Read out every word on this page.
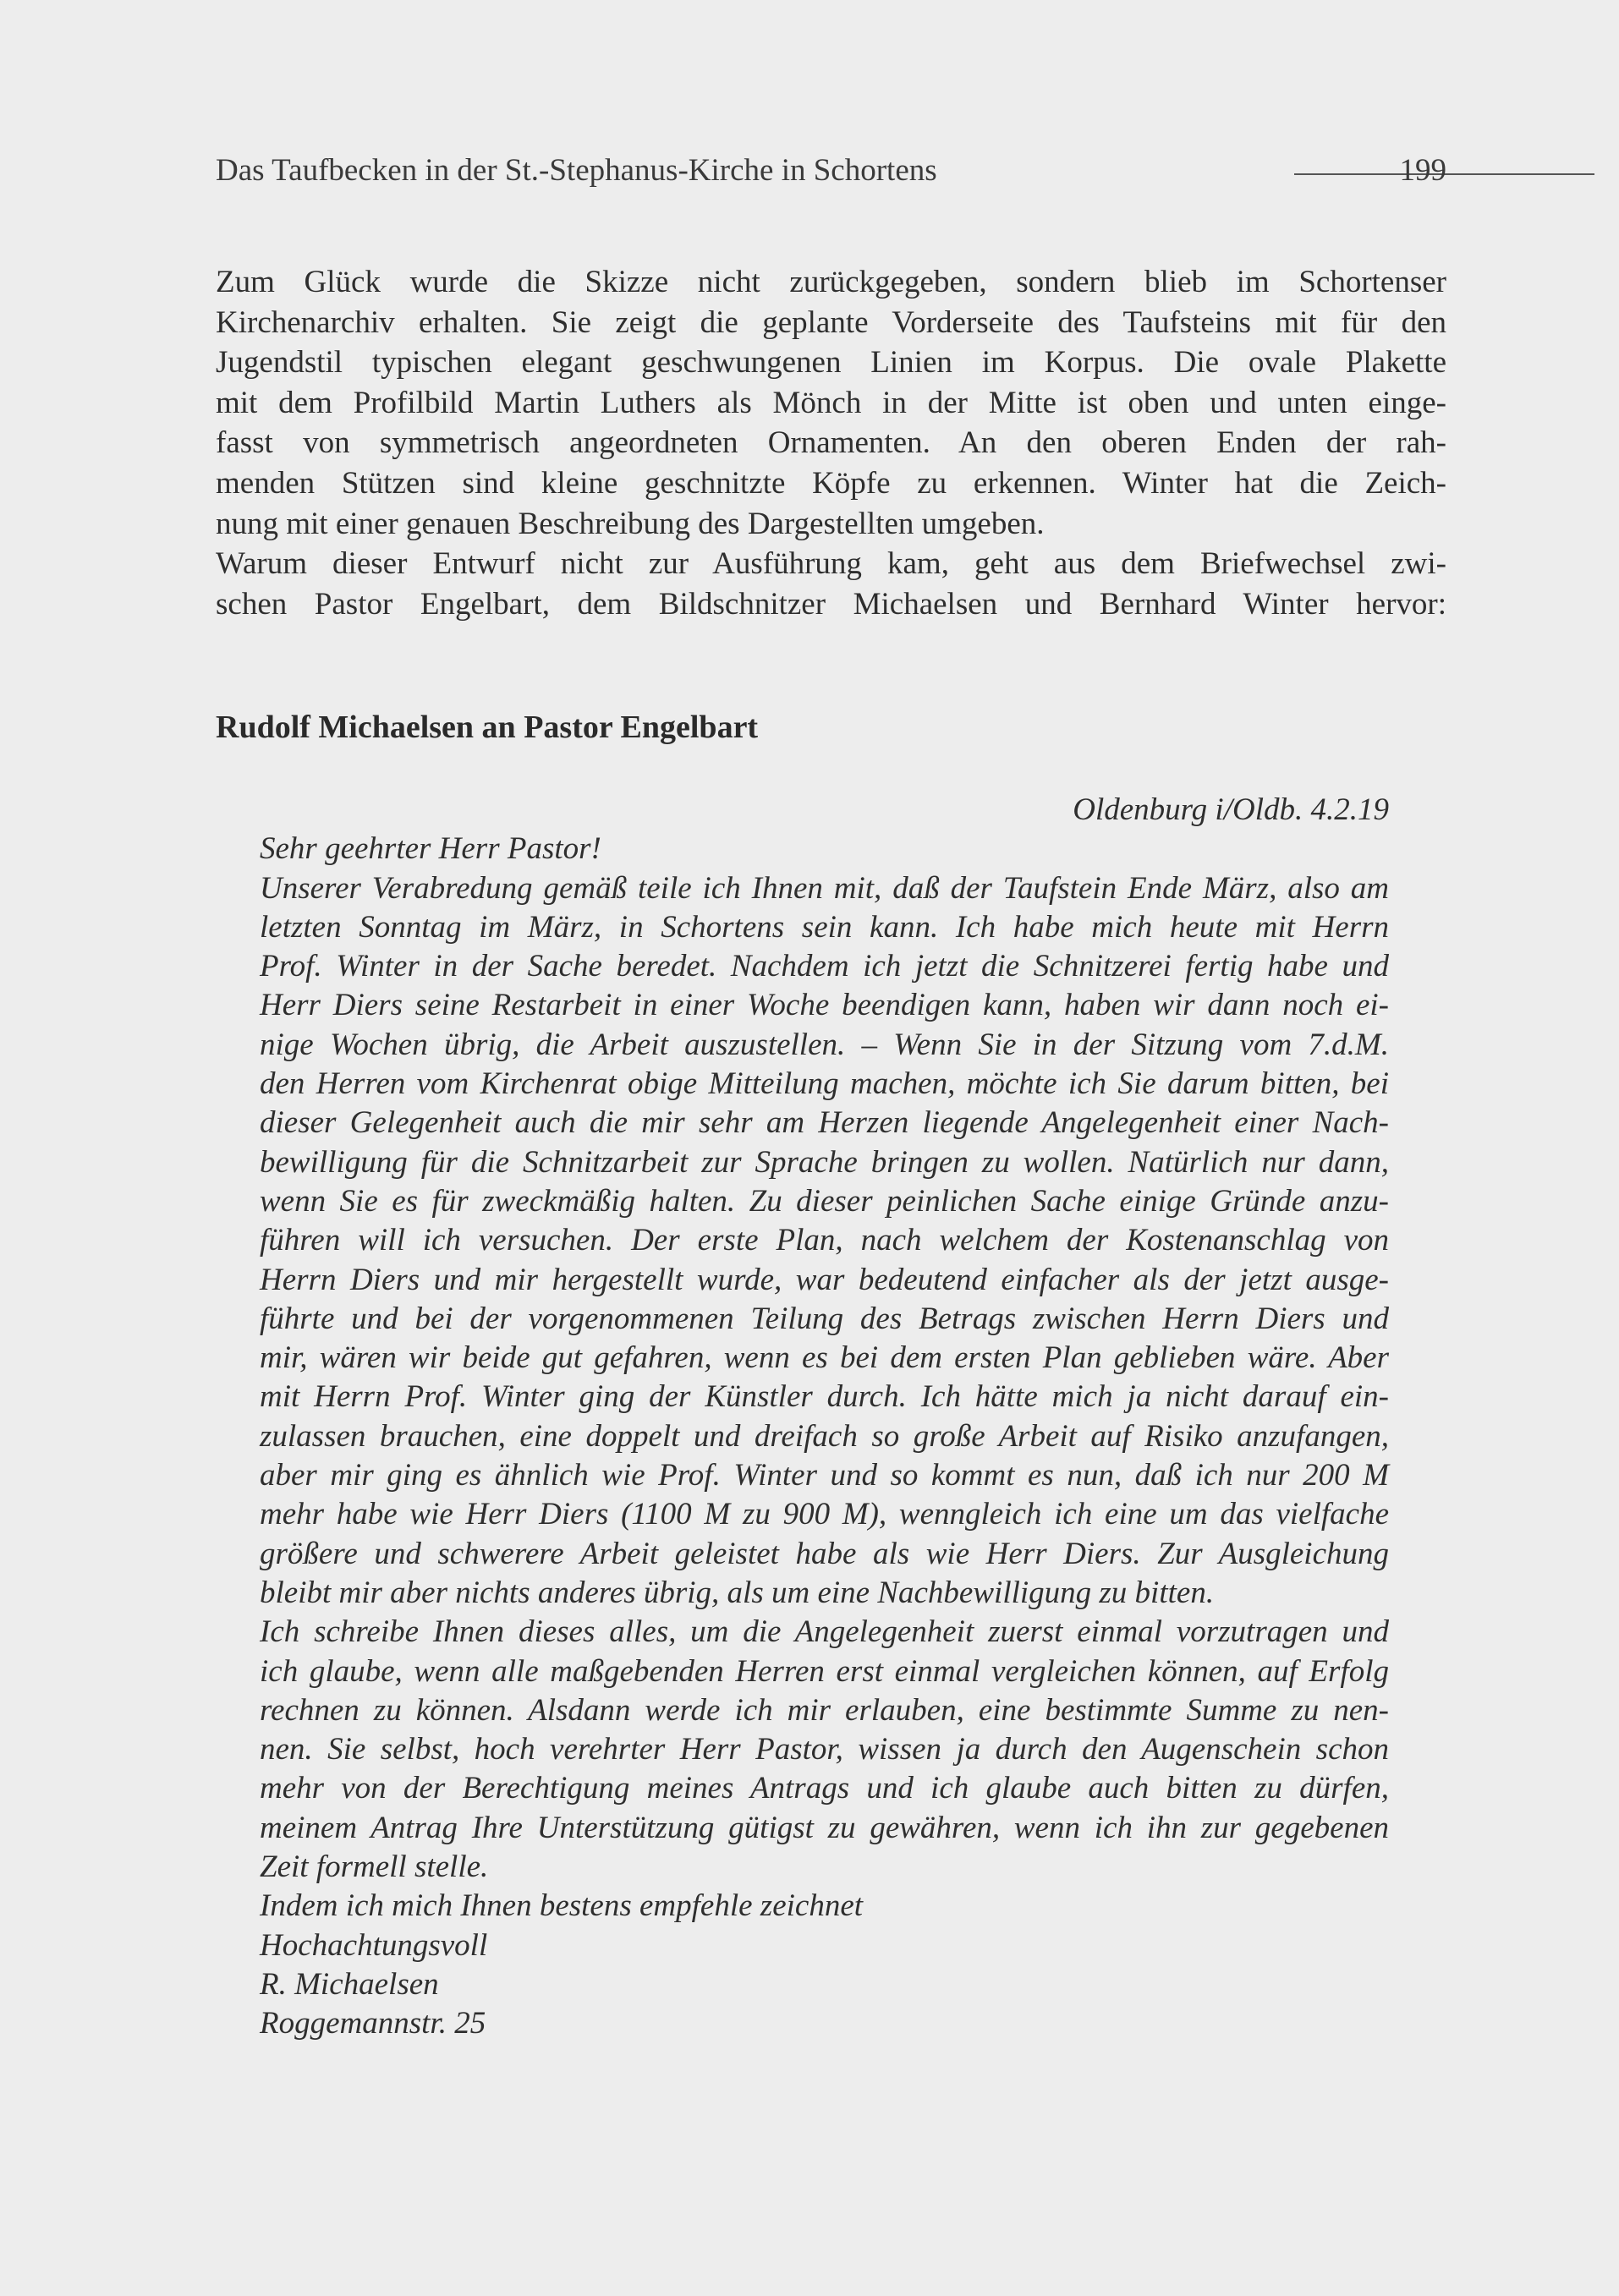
Das Taufbecken in der St.-Stephanus-Kirche in Schortens	199
Zum Glück wurde die Skizze nicht zurückgegeben, sondern blieb im Schortenser
Kirchenarchiv erhalten. Sie zeigt die geplante Vorderseite des Taufsteins mit für den
Jugendstil typischen elegant geschwungenen Linien im Korpus. Die ovale Plakette
mit dem Profilbild Martin Luthers als Mönch in der Mitte ist oben und unten einge-
fasst von symmetrisch angeordneten Ornamenten. An den oberen Enden der rah-
menden Stützen sind kleine geschnitzte Köpfe zu erkennen. Winter hat die Zeich-
nung mit einer genauen Beschreibung des Dargestellten umgeben.
Warum dieser Entwurf nicht zur Ausführung kam, geht aus dem Briefwechsel zwi-
schen Pastor Engelbart, dem Bildschnitzer Michaelsen und Bernhard Winter hervor:
Rudolf Michaelsen an Pastor Engelbart
Oldenburg i/Oldb. 4.2.19
Sehr geehrter Herr Pastor!
Unserer Verabredung gemäß teile ich Ihnen mit, daß der Taufstein Ende März, also am
letzten Sonntag im März, in Schortens sein kann. Ich habe mich heute mit Herrn
Prof. Winter in der Sache beredet. Nachdem ich jetzt die Schnitzerei fertig habe und
Herr Diers seine Restarbeit in einer Woche beendigen kann, haben wir dann noch ei-
nige Wochen übrig, die Arbeit auszustellen. – Wenn Sie in der Sitzung vom 7.d.M.
den Herren vom Kirchenrat obige Mitteilung machen, möchte ich Sie darum bitten, bei
dieser Gelegenheit auch die mir sehr am Herzen liegende Angelegenheit einer Nach-
bewilligung für die Schnitzarbeit zur Sprache bringen zu wollen. Natürlich nur dann,
wenn Sie es für zweckmäßig halten. Zu dieser peinlichen Sache einige Gründe anzu-
führen will ich versuchen. Der erste Plan, nach welchem der Kostenanschlag von
Herrn Diers und mir hergestellt wurde, war bedeutend einfacher als der jetzt ausge-
führte und bei der vorgenommenen Teilung des Betrags zwischen Herrn Diers und
mir, wären wir beide gut gefahren, wenn es bei dem ersten Plan geblieben wäre. Aber
mit Herrn Prof. Winter ging der Künstler durch. Ich hätte mich ja nicht darauf ein-
zulassen brauchen, eine doppelt und dreifach so große Arbeit auf Risiko anzufangen,
aber mir ging es ähnlich wie Prof. Winter und so kommt es nun, daß ich nur 200 M
mehr habe wie Herr Diers (1100 M zu 900 M), wenngleich ich eine um das vielfache
größere und schwerere Arbeit geleistet habe als wie Herr Diers. Zur Ausgleichung
bleibt mir aber nichts anderes übrig, als um eine Nachbewilligung zu bitten.
Ich schreibe Ihnen dieses alles, um die Angelegenheit zuerst einmal vorzutragen und
ich glaube, wenn alle maßgebenden Herren erst einmal vergleichen können, auf Erfolg
rechnen zu können. Alsdann werde ich mir erlauben, eine bestimmte Summe zu nen-
nen. Sie selbst, hoch verehrter Herr Pastor, wissen ja durch den Augenschein schon
mehr von der Berechtigung meines Antrags und ich glaube auch bitten zu dürfen,
meinem Antrag Ihre Unterstützung gütigst zu gewähren, wenn ich ihn zur gegebenen
Zeit formell stelle.
Indem ich mich Ihnen bestens empfehle zeichnet
Hochachtungsvoll
R. Michaelsen
Roggemannstr. 25
